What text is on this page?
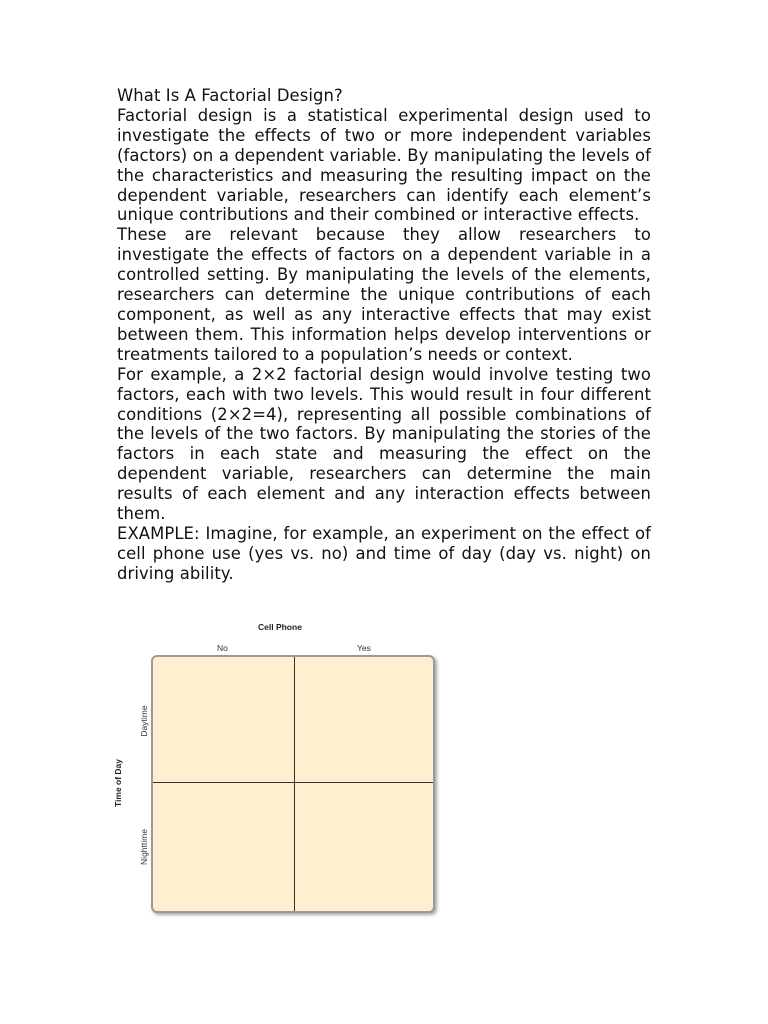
What Is A Factorial Design?

Factorial design is a statistical experimental design used to investigate the effects of two or more independent variables (factors) on a dependent variable. By manipulating the levels of the characteristics and measuring the resulting impact on the dependent variable, researchers can identify each element’s unique contributions and their combined or interactive effects.

These are relevant because they allow researchers to investigate the effects of factors on a dependent variable in a controlled setting. By manipulating the levels of the elements, researchers can determine the unique contributions of each component, as well as any interactive effects that may exist between them. This information helps develop interventions or treatments tailored to a population’s needs or context.

For example, a 2×2 factorial design would involve testing two factors, each with two levels. This would result in four different conditions (2×2=4), representing all possible combinations of the levels of the two factors. By manipulating the stories of the factors in each state and measuring the effect on the dependent variable, researchers can determine the main results of each element and any interaction effects between them.

EXAMPLE: Imagine, for example, an experiment on the effect of cell phone use (yes vs. no) and time of day (day vs. night) on driving ability.

Cell Phone
No	Yes
Time of Day
Daytime
Nighttime
